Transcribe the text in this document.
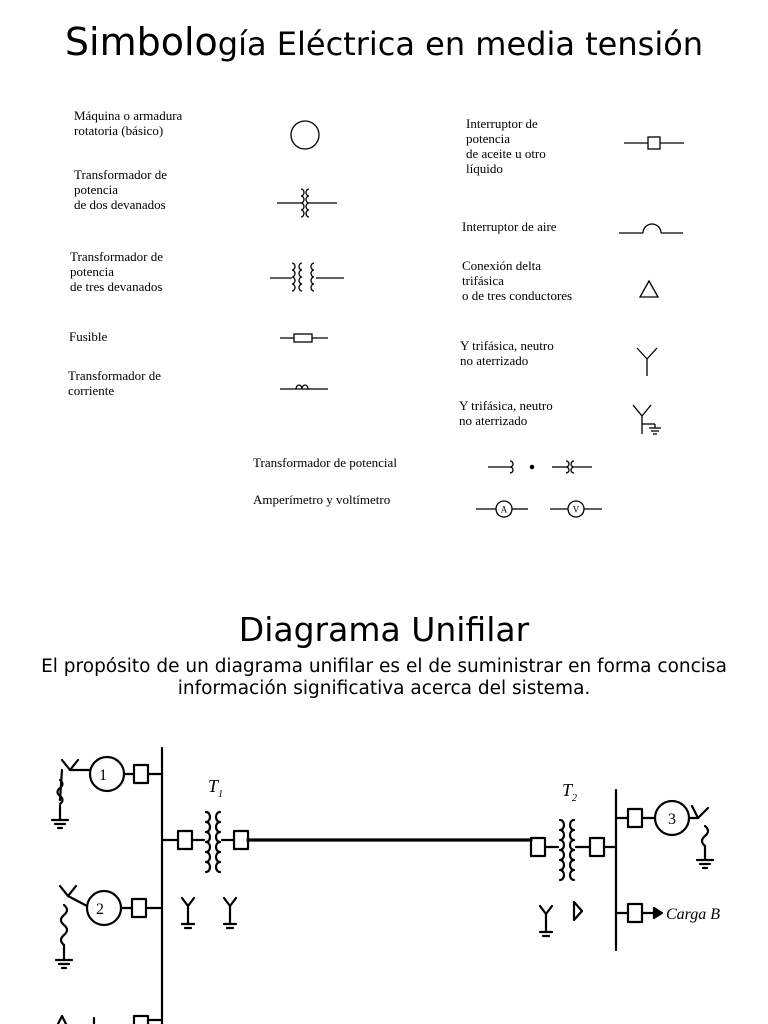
Simbología Eléctrica en media tensión
Máquina o armadura
rotatoria (básico)
Transformador de
potencia
de dos devanados
Transformador de
potencia
de tres devanados
Fusible
Transformador de
corriente
Interruptor de
potencia
de aceite u otro
líquido
Interruptor de aire
Conexión delta
trifásica
o de tres conductores
Y trifásica, neutro
no aterrizado
Y trifásica, neutro
no aterrizado
Transformador de potencial
Amperímetro y voltímetro
A	V
Diagrama Unifilar
El propósito de un diagrama unifilar es el de suministrar en forma concisa información significativa acerca del sistema.
1
2
3
T 1	T 2
Carga B
